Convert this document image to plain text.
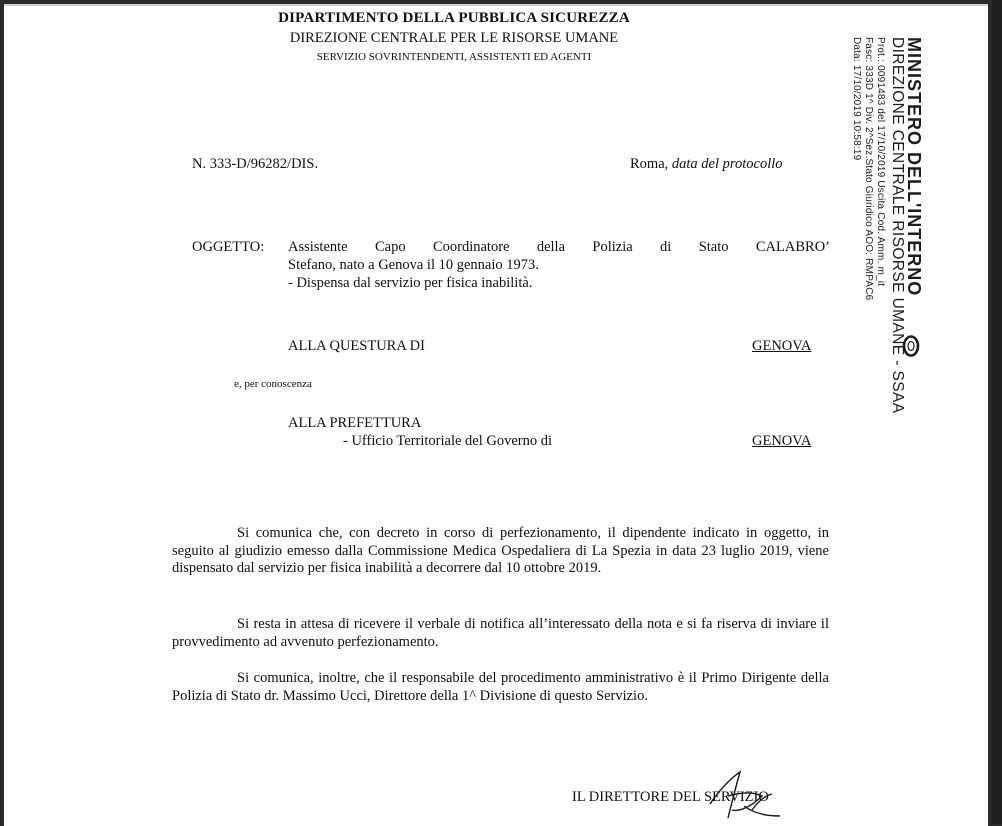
DIPARTIMENTO DELLA PUBBLICA SICUREZZA
DIREZIONE CENTRALE PER LE RISORSE UMANE
SERVIZIO SOVRINTENDENTI, ASSISTENTI ED AGENTI	MINISTERO DELL'INTERNO
DIREZIONE CENTRALE RISORSE UMANE - SSAA
Prot.: 0091483 del 17/10/2019 Uscita Cod. Amm. m_it
Fasc: 333D 1^ Div. 2^Sez.Stato Giuridico AOO: RMPAC6
Data: 17/10/2019 10:58:19
N. 333-D/96282/DIS.	Roma, data del protocollo
OGGETTO: Assistente Capo Coordinatore della Polizia di Stato CALABRO’
Stefano, nato a Genova il 10 gennaio 1973.
- Dispensa dal servizio per fisica inabilità.
ALLA QUESTURA DI	GENOVA
e, per conoscenza
ALLA PREFETTURA
- Ufficio Territoriale del Governo di	GENOVA
Si comunica che, con decreto in corso di perfezionamento, il dipendente indicato in oggetto, in seguito al giudizio emesso dalla Commissione Medica Ospedaliera di La Spezia in data 23 luglio 2019, viene dispensato dal servizio per fisica inabilità a decorrere dal 10 ottobre 2019.
Si resta in attesa di ricevere il verbale di notifica all’interessato della nota e si fa riserva di inviare il provvedimento ad avvenuto perfezionamento.
Si comunica, inoltre, che il responsabile del procedimento amministrativo è il Primo Dirigente della Polizia di Stato dr. Massimo Ucci, Direttore della 1^ Divisione di questo Servizio.
IL DIRETTORE DEL SERVIZIO
